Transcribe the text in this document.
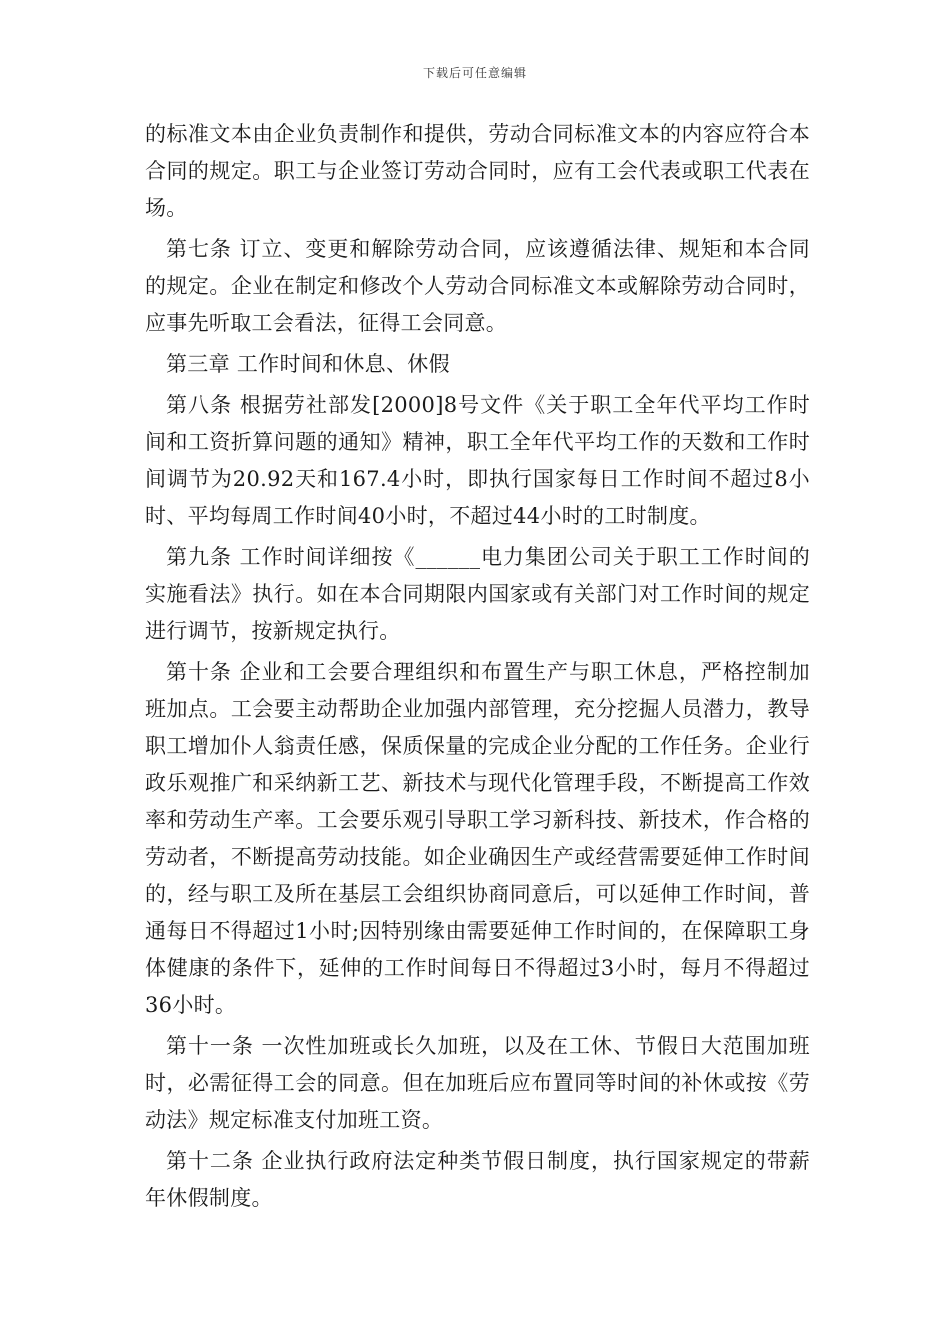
下载后可任意编辑

的标准文本由企业负责制作和提供，劳动合同标准文本的内容应符合本合同的规定。职工与企业签订劳动合同时，应有工会代表或职工代表在场。

第七条 订立、变更和解除劳动合同，应该遵循法律、规矩和本合同的规定。企业在制定和修改个人劳动合同标准文本或解除劳动合同时，应事先听取工会看法，征得工会同意。

第三章 工作时间和休息、休假

第八条 根据劳社部发[2000]8号文件《关于职工全年代平均工作时间和工资折算问题的通知》精神，职工全年代平均工作的天数和工作时间调节为20.92天和167.4小时，即执行国家每日工作时间不超过8小时、平均每周工作时间40小时，不超过44小时的工时制度。

第九条 工作时间详细按《______电力集团公司关于职工工作时间的实施看法》执行。如在本合同期限内国家或有关部门对工作时间的规定进行调节，按新规定执行。

第十条 企业和工会要合理组织和布置生产与职工休息，严格控制加班加点。工会要主动帮助企业加强内部管理，充分挖掘人员潜力，教导职工增加仆人翁责任感，保质保量的完成企业分配的工作任务。企业行政乐观推广和采纳新工艺、新技术与现代化管理手段，不断提高工作效率和劳动生产率。工会要乐观引导职工学习新科技、新技术，作合格的劳动者，不断提高劳动技能。如企业确因生产或经营需要延伸工作时间的，经与职工及所在基层工会组织协商同意后，可以延伸工作时间，普通每日不得超过1小时;因特别缘由需要延伸工作时间的，在保障职工身体健康的条件下，延伸的工作时间每日不得超过3小时，每月不得超过36小时。

第十一条 一次性加班或长久加班，以及在工休、节假日大范围加班时，必需征得工会的同意。但在加班后应布置同等时间的补休或按《劳动法》规定标准支付加班工资。

第十二条 企业执行政府法定种类节假日制度，执行国家规定的带薪年休假制度。
